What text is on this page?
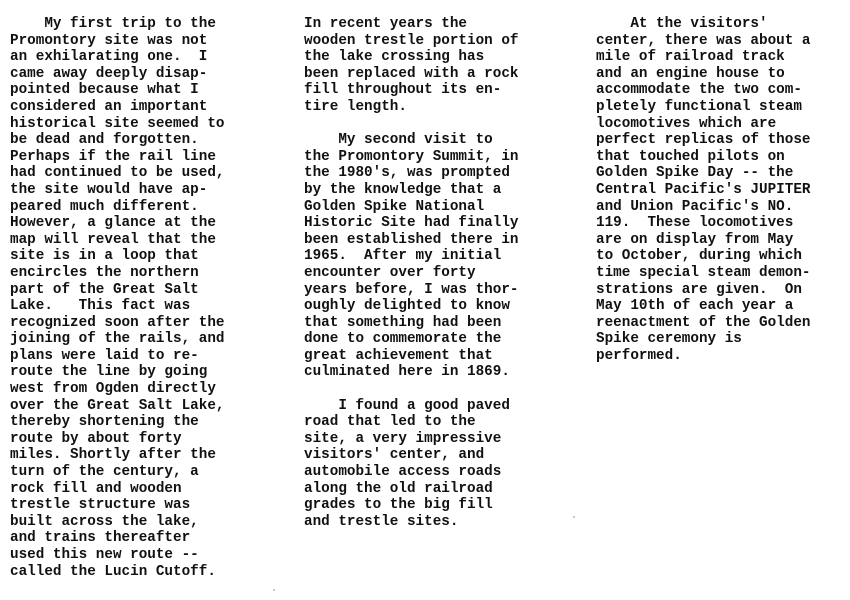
My first trip to the
Promontory site was not
an exhilarating one.  I
came away deeply disap-
pointed because what I
considered an important
historical site seemed to
be dead and forgotten.
Perhaps if the rail line
had continued to be used,
the site would have ap-
peared much different.
However, a glance at the
map will reveal that the
site is in a loop that
encircles the northern
part of the Great Salt
Lake.   This fact was
recognized soon after the
joining of the rails, and
plans were laid to re-
route the line by going
west from Ogden directly
over the Great Salt Lake,
thereby shortening the
route by about forty
miles. Shortly after the
turn of the century, a
rock fill and wooden
trestle structure was
built across the lake,
and trains thereafter
used this new route --
called the Lucin Cutoff.

In recent years the
wooden trestle portion of
the lake crossing has
been replaced with a rock
fill throughout its en-
tire length.

My second visit to
the Promontory Summit, in
the 1980's, was prompted
by the knowledge that a
Golden Spike National
Historic Site had finally
been established there in
1965.  After my initial
encounter over forty
years before, I was thor-
oughly delighted to know
that something had been
done to commemorate the
great achievement that
culminated here in 1869.

I found a good paved
road that led to the
site, a very impressive
visitors' center, and
automobile access roads
along the old railroad
grades to the big fill
and trestle sites.

At the visitors'
center, there was about a
mile of railroad track
and an engine house to
accommodate the two com-
pletely functional steam
locomotives which are
perfect replicas of those
that touched pilots on
Golden Spike Day -- the
Central Pacific's JUPITER
and Union Pacific's NO.
119.  These locomotives
are on display from May
to October, during which
time special steam demon-
strations are given.  On
May 10th of each year a
reenactment of the Golden
Spike ceremony is
performed.
